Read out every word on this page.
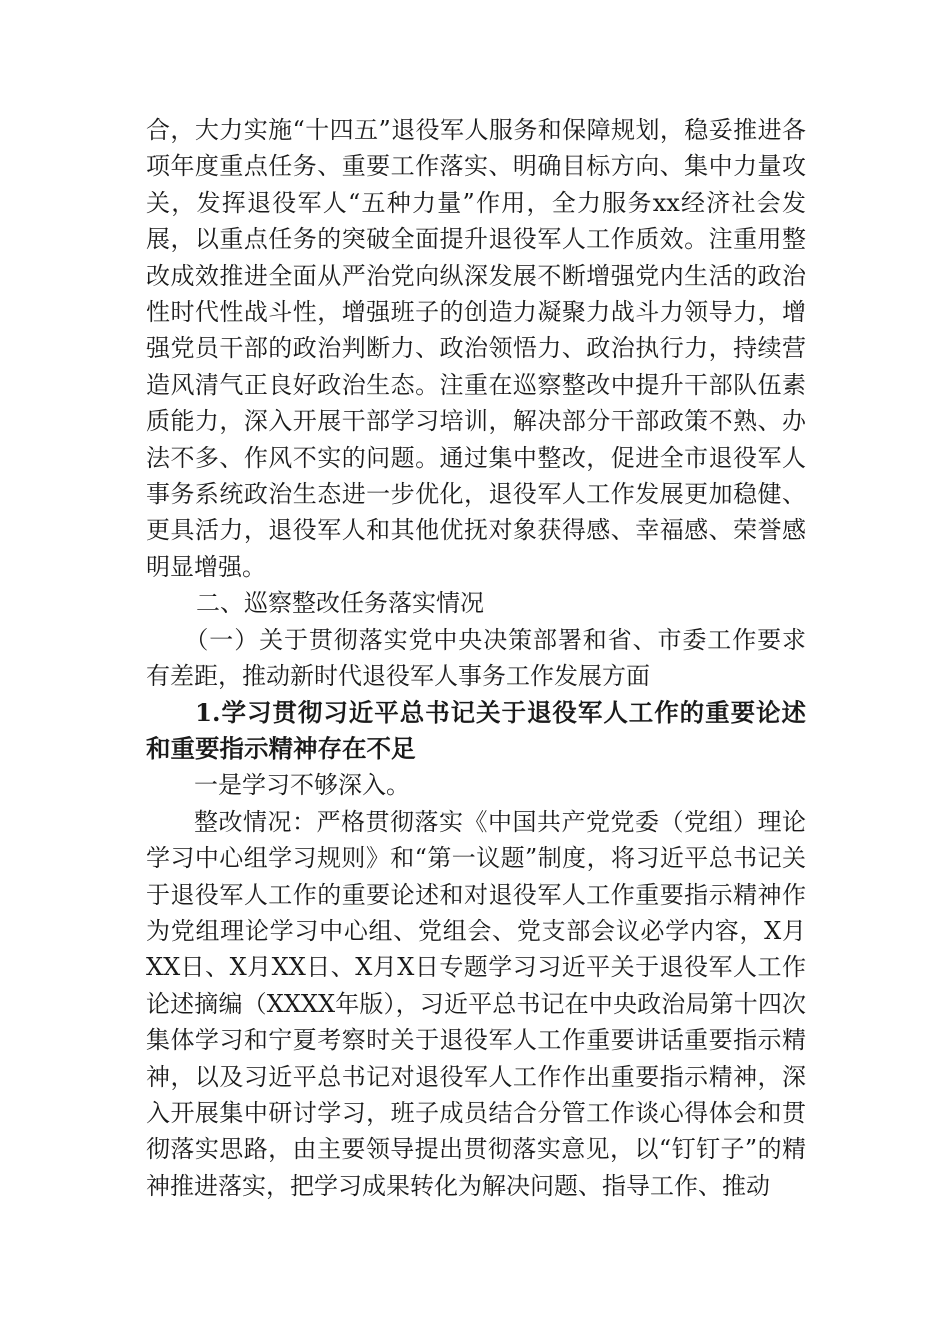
合，大力实施“十四五”退役军人服务和保障规划，稳妥推进各项年度重点任务、重要工作落实、明确目标方向、集中力量攻关，发挥退役军人“五种力量”作用，全力服务xx经济社会发展，以重点任务的突破全面提升退役军人工作质效。注重用整改成效推进全面从严治党向纵深发展不断增强党内生活的政治性时代性战斗性，增强班子的创造力凝聚力战斗力领导力，增强党员干部的政治判断力、政治领悟力、政治执行力，持续营造风清气正良好政治生态。注重在巡察整改中提升干部队伍素质能力，深入开展干部学习培训，解决部分干部政策不熟、办法不多、作风不实的问题。通过集中整改，促进全市退役军人事务系统政治生态进一步优化，退役军人工作发展更加稳健、更具活力，退役军人和其他优抚对象获得感、幸福感、荣誉感明显增强。

二、巡察整改任务落实情况

（一）关于贯彻落实党中央决策部署和省、市委工作要求有差距，推动新时代退役军人事务工作发展方面

1.学习贯彻习近平总书记关于退役军人工作的重要论述和重要指示精神存在不足

一是学习不够深入。

整改情况：严格贯彻落实《中国共产党党委（党组）理论学习中心组学习规则》和“第一议题”制度，将习近平总书记关于退役军人工作的重要论述和对退役军人工作重要指示精神作为党组理论学习中心组、党组会、党支部会议必学内容，X月XX日、X月XX日、X月X日专题学习习近平关于退役军人工作论述摘编（XXXX年版），习近平总书记在中央政治局第十四次集体学习和宁夏考察时关于退役军人工作重要讲话重要指示精神，以及习近平总书记对退役军人工作作出重要指示精神，深入开展集中研讨学习，班子成员结合分管工作谈心得体会和贯彻落实思路，由主要领导提出贯彻落实意见，以“钉钉子”的精神推进落实，把学习成果转化为解决问题、指导工作、推动
